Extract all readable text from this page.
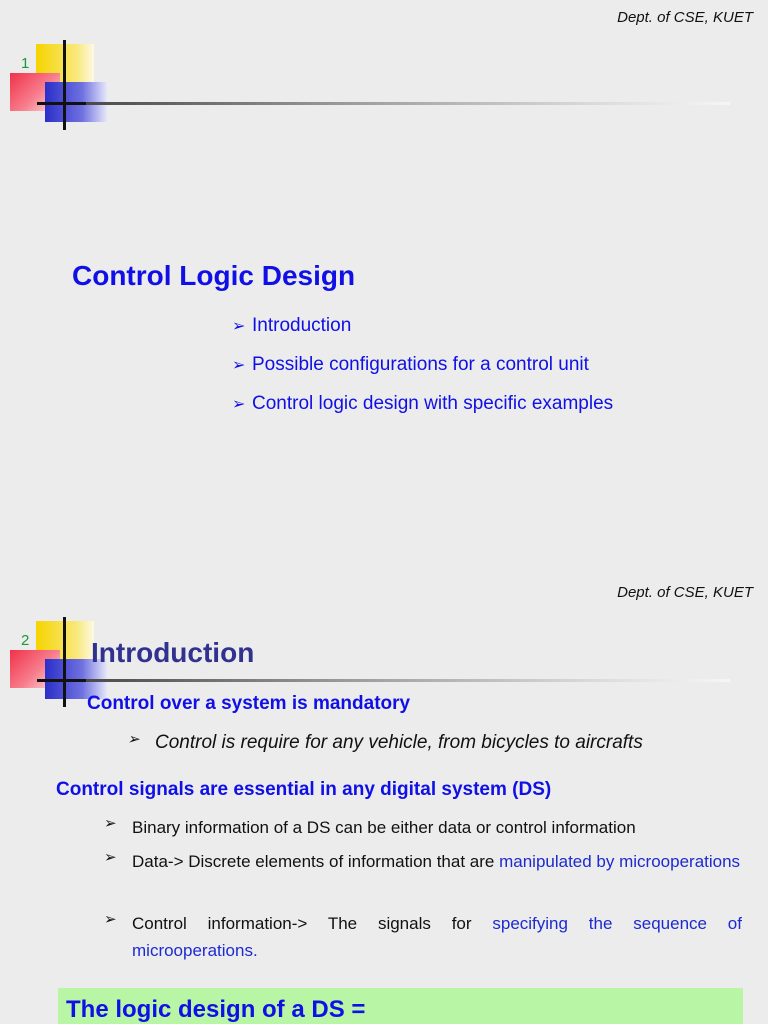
Dept. of CSE, KUET
1
Control Logic Design
➢ Introduction
➢ Possible configurations for a control unit
➢ Control logic design with specific examples
Dept. of CSE, KUET
2 Introduction
Control over a system is mandatory
➢ Control is require for any vehicle, from bicycles to aircrafts
Control signals are essential in any digital system (DS)
➢ Binary information of a DS can be either data or control information
➢ Data-> Discrete elements of information that are manipulated by microoperations
➢ Control information-> The signals for specifying the sequence of microoperations.
The logic design of a DS =
